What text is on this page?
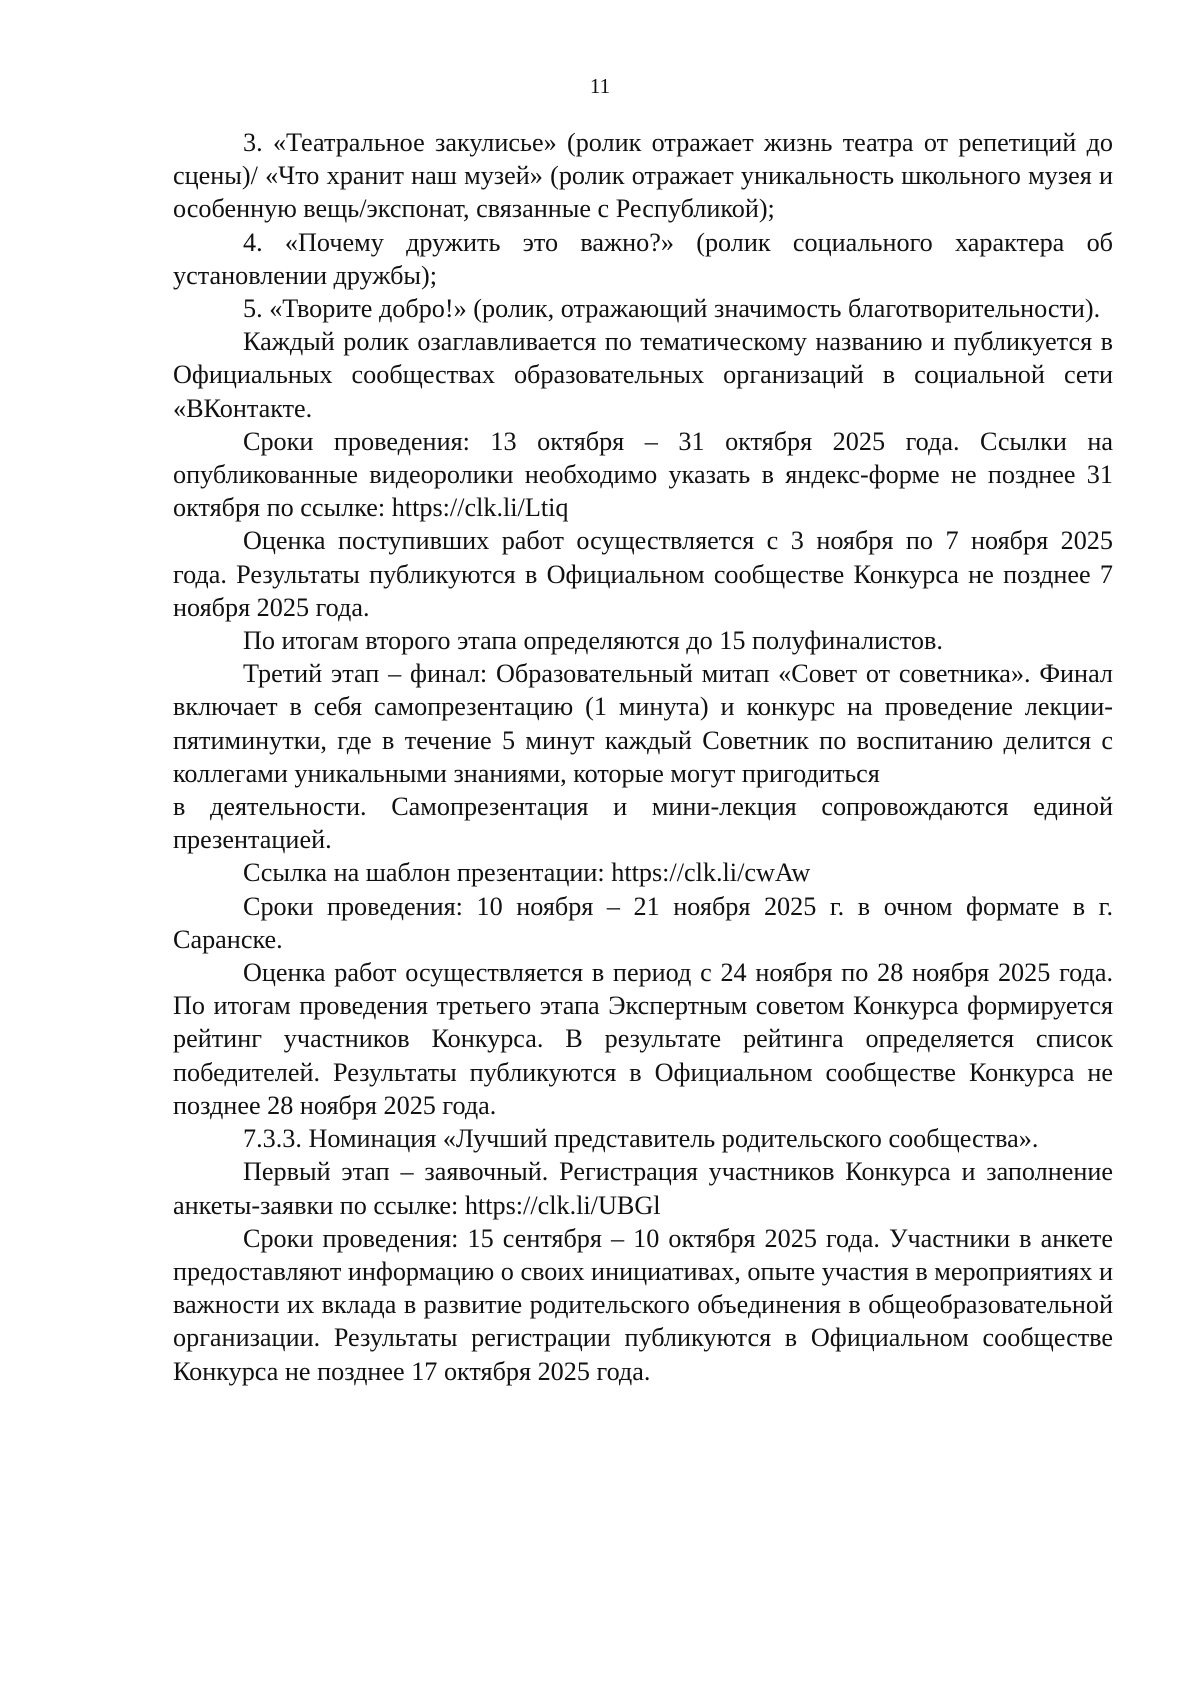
11

3. «Театральное закулисье» (ролик отражает жизнь театра от репетиций до сцены)/ «Что хранит наш музей» (ролик отражает уникальность школьного музея и особенную вещь/экспонат, связанные с Республикой);

4. «Почему дружить это важно?» (ролик социального характера об установлении дружбы);

5. «Творите добро!» (ролик, отражающий значимость благотворительности).

Каждый ролик озаглавливается по тематическому названию и публикуется в Официальных сообществах образовательных организаций в социальной сети «ВКонтакте.

Сроки проведения: 13 октября – 31 октября 2025 года. Ссылки на опубликованные видеоролики необходимо указать в яндекс-форме не позднее 31 октября по ссылке: https://clk.li/Ltiq

Оценка поступивших работ осуществляется с 3 ноября по 7 ноября 2025 года. Результаты публикуются в Официальном сообществе Конкурса не позднее 7 ноября 2025 года.

По итогам второго этапа определяются до 15 полуфиналистов.

Третий этап – финал: Образовательный митап «Совет от советника». Финал включает в себя самопрезентацию (1 минута) и конкурс на проведение лекции-пятиминутки, где в течение 5 минут каждый Советник по воспитанию делится с коллегами уникальными знаниями, которые могут пригодиться

в деятельности. Самопрезентация и мини-лекция сопровождаются единой презентацией.

Ссылка на шаблон презентации: https://clk.li/cwAw

Сроки проведения: 10 ноября – 21 ноября 2025 г. в очном формате в г. Саранске.

Оценка работ осуществляется в период с 24 ноября по 28 ноября 2025 года. По итогам проведения третьего этапа Экспертным советом Конкурса формируется рейтинг участников Конкурса. В результате рейтинга определяется список победителей. Результаты публикуются в Официальном сообществе Конкурса не позднее 28 ноября 2025 года.

7.3.3. Номинация «Лучший представитель родительского сообщества».

Первый этап – заявочный. Регистрация участников Конкурса и заполнение анкеты-заявки по ссылке: https://clk.li/UBGl

Сроки проведения: 15 сентября – 10 октября 2025 года. Участники в анкете предоставляют информацию о своих инициативах, опыте участия в мероприятиях и важности их вклада в развитие родительского объединения в общеобразовательной организации. Результаты регистрации публикуются в Официальном сообществе Конкурса не позднее 17 октября 2025 года.
